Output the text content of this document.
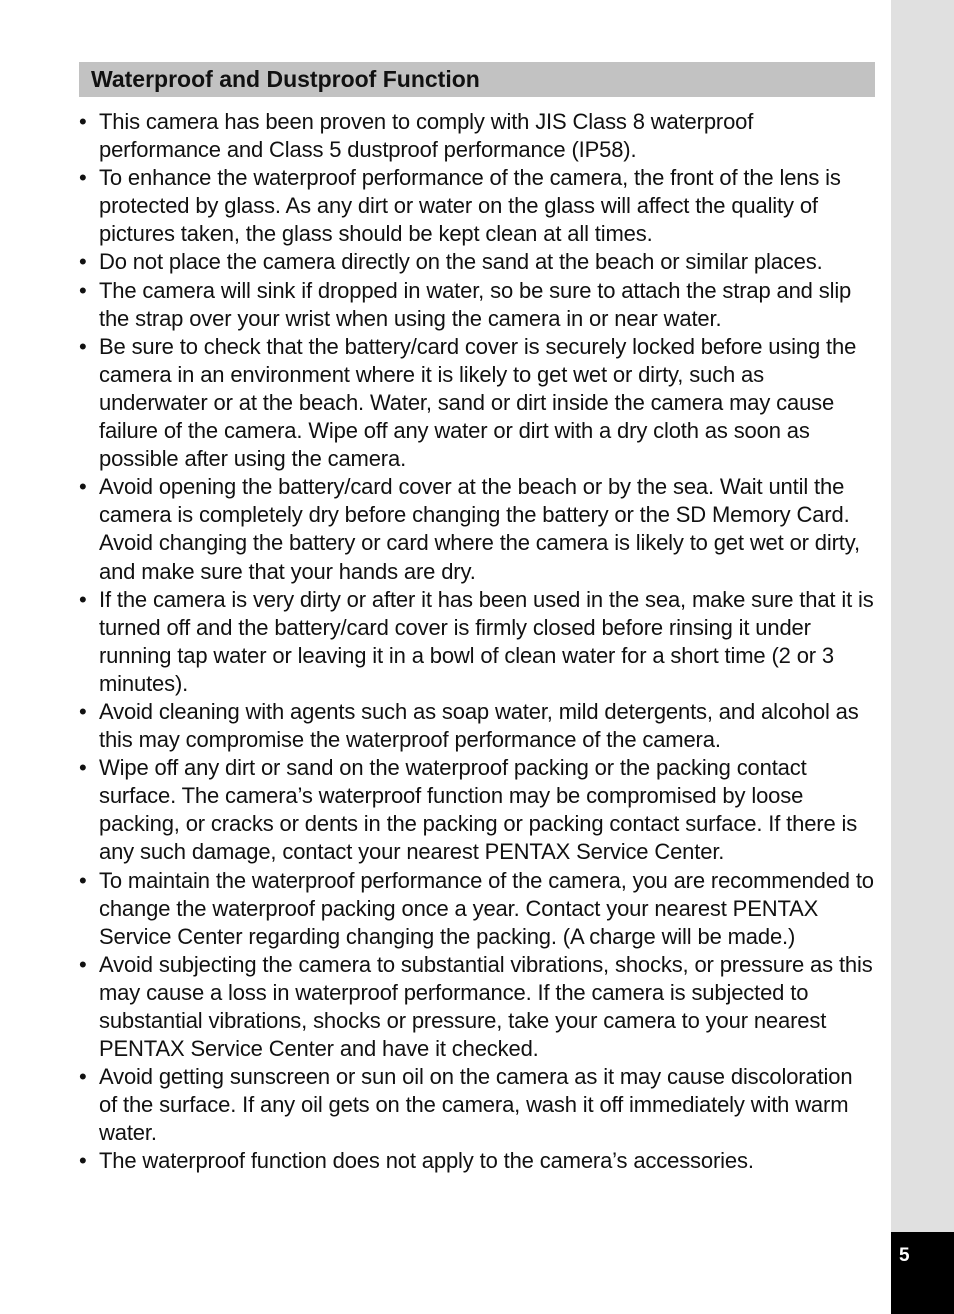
5
Waterproof and Dustproof Function
• This camera has been proven to comply with JIS Class 8 waterproof performance and Class 5 dustproof performance (IP58).
• To enhance the waterproof performance of the camera, the front of the lens is protected by glass. As any dirt or water on the glass will affect the quality of pictures taken, the glass should be kept clean at all times.
• Do not place the camera directly on the sand at the beach or similar places.
• The camera will sink if dropped in water, so be sure to attach the strap and slip the strap over your wrist when using the camera in or near water.
• Be sure to check that the battery/card cover is securely locked before using the camera in an environment where it is likely to get wet or dirty, such as underwater or at the beach. Water, sand or dirt inside the camera may cause failure of the camera. Wipe off any water or dirt with a dry cloth as soon as possible after using the camera.
• Avoid opening the battery/card cover at the beach or by the sea. Wait until the camera is completely dry before changing the battery or the SD Memory Card. Avoid changing the battery or card where the camera is likely to get wet or dirty, and make sure that your hands are dry.
• If the camera is very dirty or after it has been used in the sea, make sure that it is turned off and the battery/card cover is firmly closed before rinsing it under running tap water or leaving it in a bowl of clean water for a short time (2 or 3 minutes).
• Avoid cleaning with agents such as soap water, mild detergents, and alcohol as this may compromise the waterproof performance of the camera.
• Wipe off any dirt or sand on the waterproof packing or the packing contact surface. The camera’s waterproof function may be compromised by loose packing, or cracks or dents in the packing or packing contact surface. If there is any such damage, contact your nearest PENTAX Service Center.
• To maintain the waterproof performance of the camera, you are recommended to change the waterproof packing once a year. Contact your nearest PENTAX Service Center regarding changing the packing. (A charge will be made.)
• Avoid subjecting the camera to substantial vibrations, shocks, or pressure as this may cause a loss in waterproof performance. If the camera is subjected to substantial vibrations, shocks or pressure, take your camera to your nearest PENTAX Service Center and have it checked.
• Avoid getting sunscreen or sun oil on the camera as it may cause discoloration of the surface. If any oil gets on the camera, wash it off immediately with warm water.
• The waterproof function does not apply to the camera’s accessories.
